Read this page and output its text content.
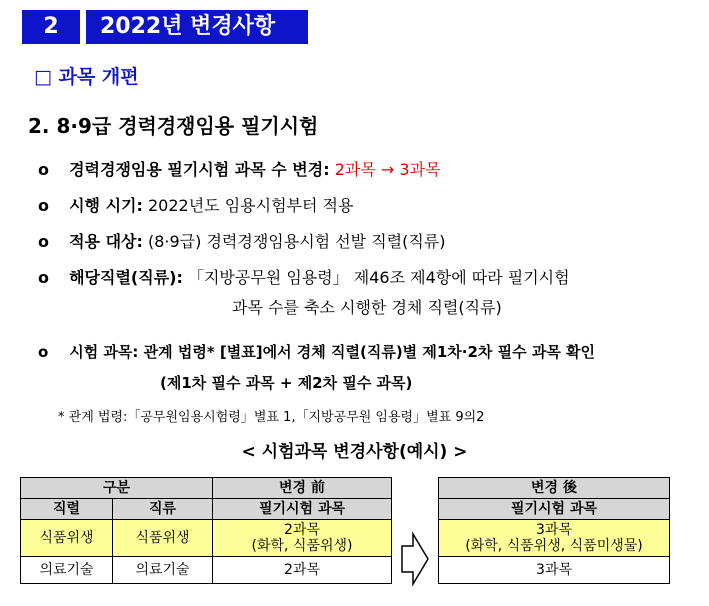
2	2022년 변경사항
□ 과목 개편
2. 8·9급 경력경쟁임용 필기시험
o 경력경쟁임용 필기시험 과목 수 변경: 2과목 → 3과목
o 시행 시기: 2022년도 임용시험부터 적용
o 적용 대상: (8·9급) 경력경쟁임용시험 선발 직렬(직류)
o 해당직렬(직류): 「지방공무원 임용령」 제46조 제4항에 따라 필기시험
과목 수를 축소 시행한 경체 직렬(직류)
o 시험 과목: 관계 법령* [별표]에서 경체 직렬(직류)별 제1차·2차 필수 과목 확인
(제1차 필수 과목 + 제2차 필수 과목)
* 관계 법령:「공무원임용시험령」별표 1,「지방공무원 임용령」별표 9의2
< 시험과목 변경사항(예시) >
구분		변경 前
직렬	직류	필기시험 과목
식품위생	식품위생	2과목
(화학, 식품위생)

의료기술	의료기술	2과목
변경 後
필기시험 과목

3과목
(화학, 식품위생, 식품미생물)

3과목
